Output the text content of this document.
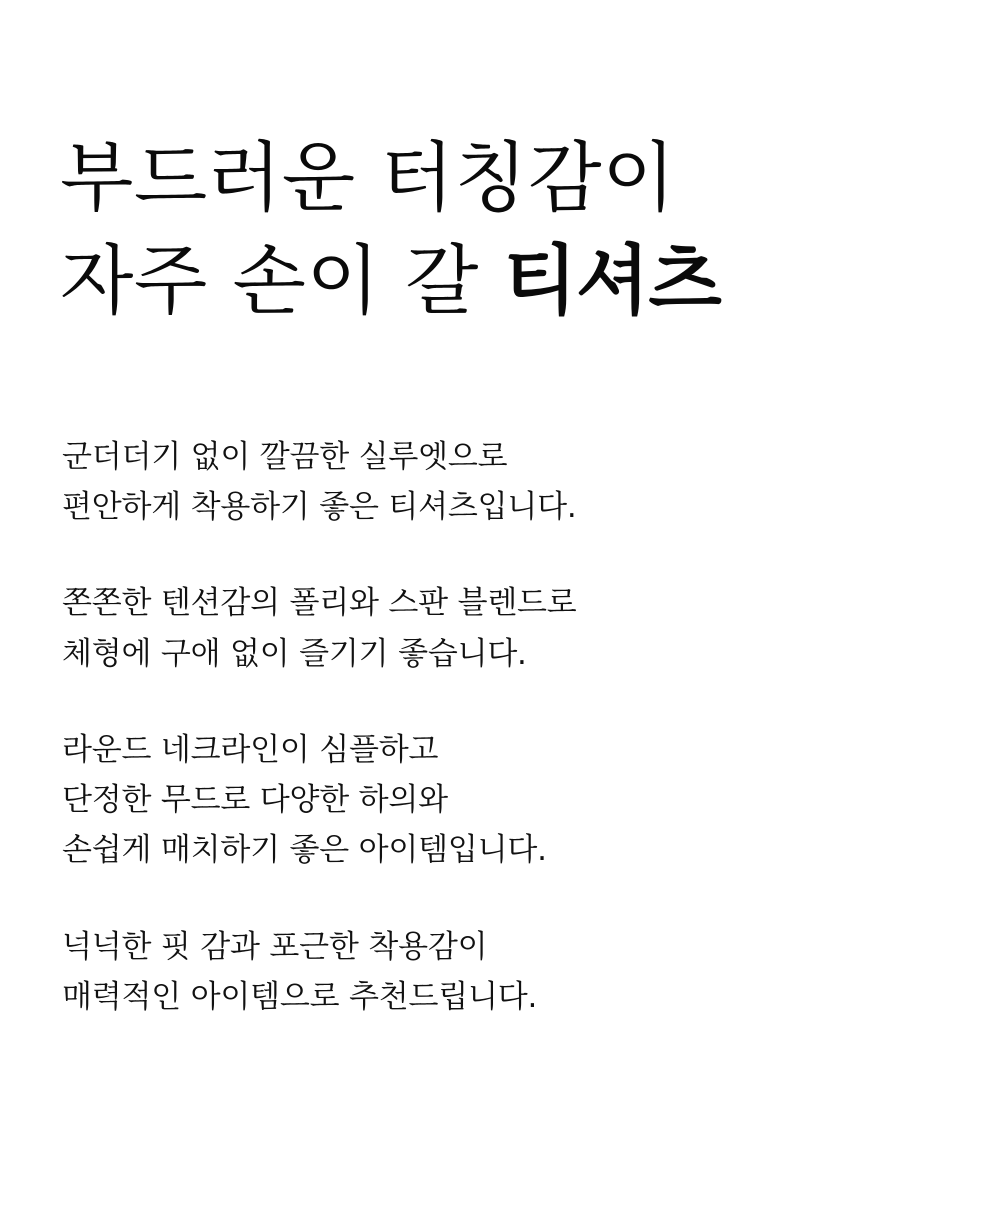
부드러운 터칭감이
자주 손이 갈 티셔츠
군더더기 없이 깔끔한 실루엣으로
편안하게 착용하기 좋은 티셔츠입니다.
쫀쫀한 텐션감의 폴리와 스판 블렌드로
체형에 구애 없이 즐기기 좋습니다.
라운드 네크라인이 심플하고
단정한 무드로 다양한 하의와
손쉽게 매치하기 좋은 아이템입니다.
넉넉한 핏 감과 포근한 착용감이
매력적인 아이템으로 추천드립니다.
